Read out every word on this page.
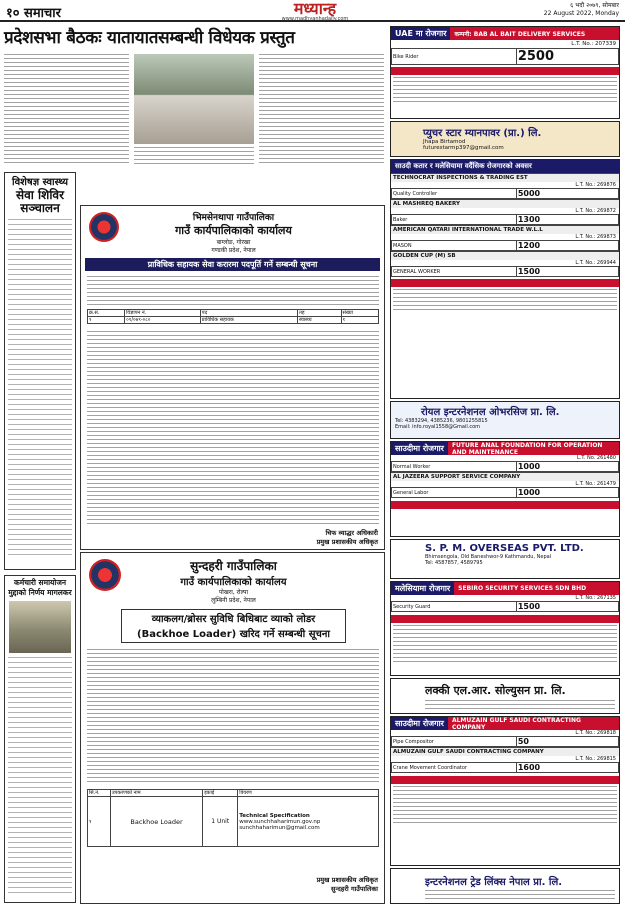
१० समाचार	मध्यान्ह
www.madhyanhadaily.com
६ भदौ २०७९, सोमबार
22 August 2022, Monday
प्रदेशसभा बैठकः यातायातसम्बन्धी विधेयक प्रस्तुत
विशेषज्ञ स्वास्थ्य
सेवा शिविर
सञ्चालन
कर्मचारी समायोजन
मुद्दाको निर्णय मागलकर
भिमसेनथापा गाउँपालिका
गाउँ कार्यपालिकाको कार्यालय
बाग्लोङ, गोरखा
गण्डकी प्रदेश, नेपाल
प्राविधिक सहायक सेवा करारमा पदपूर्ति गर्ने सम्बन्धी सूचना
क्र.स.	विज्ञापन नं.	पद	तह	संख्या
१	०१/०७९-०८०	प्राविधिक सहायक	स्वास्थ्य	१
चिफ व्याद्धर अधिकारी
प्रमुख प्रशासकीय अधिकृत
सुन्दहरी गाउँपालिका
गाउँ कार्यपालिकाको कार्यालय
पोखरा, रोल्पा
लुम्बिनी प्रदेश, नेपाल
व्याकलग/ब्रोसर सुविधि बिधिबाट व्याको लोडर
(Backhoe Loader) खरिद गर्ने सम्बन्धी सूचना
सि.नं.	उपकरणको नाम	इकाई	विवरण
१	Backhoe Loader	1 Unit	Technical Specification
www.sunchhaharimun.gov.np
sunchhaharimun@gmail.com
प्रमुख प्रशासकीय अधिकृत
सुन्दहरी गाउँपालिका
UAE मा रोजगार	कम्पनी: BAB AL BAIT DELIVERY SERVICES
L.T. No.: 207339
Bike Rider	2500

प्युचर स्टार म्यानपावर (प्रा.) लि.
Jhapa Birtamod
futurestarmp397@gmail.com
साउदी कतार र मलेसियामा वर्दैसिक रोजगारको अवसर
TECHNOCRAT INSPECTIONS & TRADING EST
L.T. No.: 269876
Quality Controller	5000
AL MASHREQ BAKERY
L.T. No.: 269872
Baker	1300
AMERICAN QATARI INTERNATIONAL TRADE W.L.L
L.T. No.: 269873
MASON	1200
GOLDEN CUP (M) SB
L.T. No.: 269944
GENERAL WORKER	1500

रोयल इन्टरनेशनल ओभरसिज प्रा. लि.
Tel: 4383294, 4385236, 9801255815
Email: info.royal1558@Gmail.com
साउदीमा रोजगार	FUTURE ANAL FOUNDATION FOR OPERATION AND MAINTENANCE
L.T. No. 261480
Normal Worker	1000
AL JAZEERA SUPPORT SERVICE COMPANY
L.T. No.: 261479
General Labor	1000

S. P. M. OVERSEAS PVT. LTD.
Bhimsengola, Old Baneshwor-9 Kathmandu, Nepal
Tel: 4587857, 4589795
मलेसियामा रोजगार	SEBIRO SECURITY SERVICES SDN BHD
L.T. No.: 267135
Security Guard	1500

लक्की एल.आर. सोल्युसन प्रा. लि.
साउदीमा रोजगार	ALMUZAIN GULF SAUDI CONTRACTING COMPANY
L.T. No.: 269818
Pipe Compositor	50
ALMUZAIN GULF SAUDI CONTRACTING COMPANY
L.T. No.: 269815
Crane Movement Coordinator	1600

इन्टरनेशनल ट्रेड लिंक्स नेपाल प्रा. लि.
